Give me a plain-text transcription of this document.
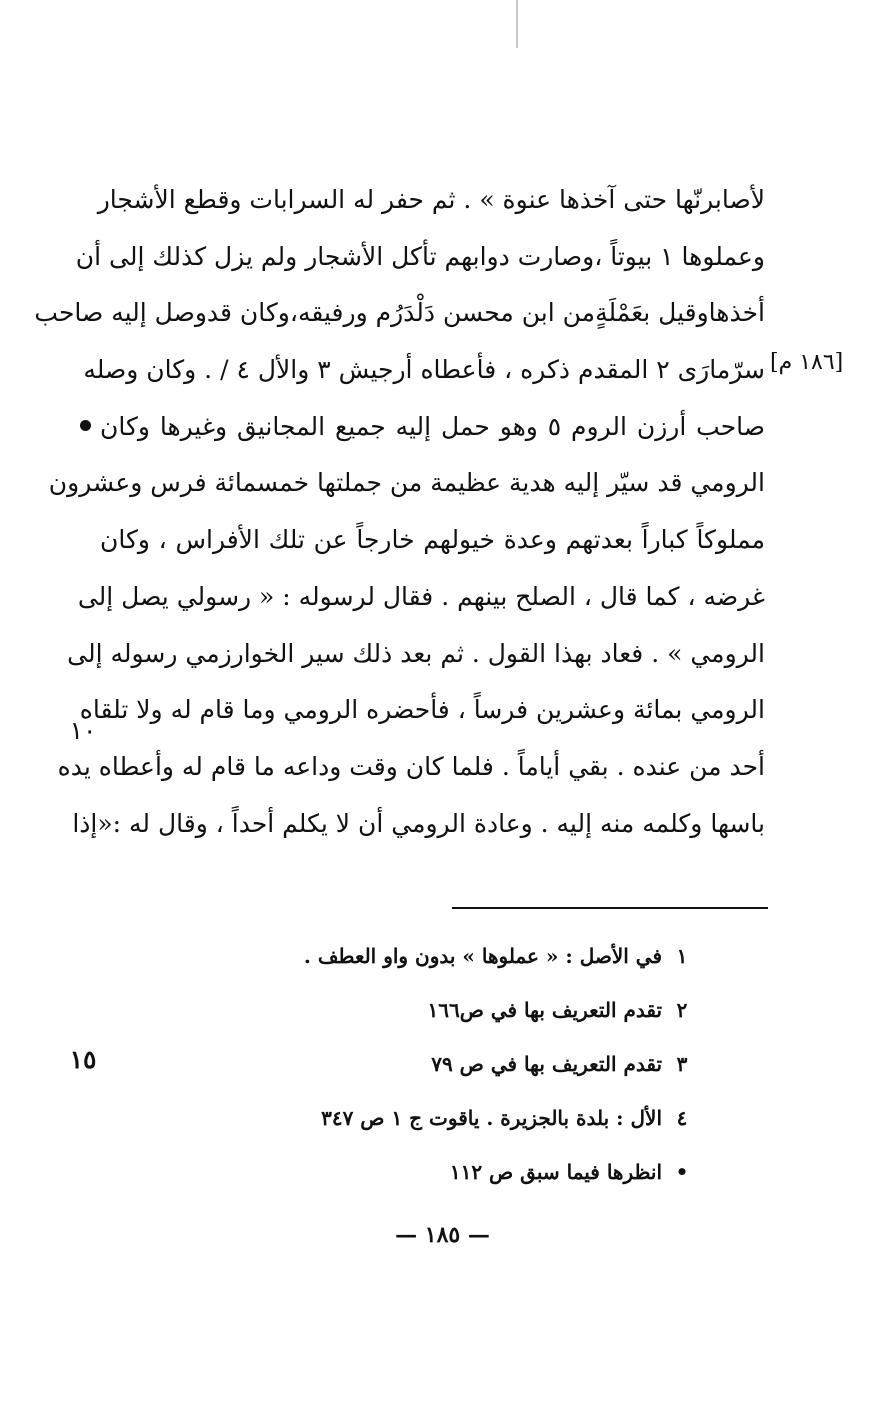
لأصابرنّها حتى آخذها عنوة » . ثم حفر له السرابات وقطع الأشجار
وعملوها ١ بيوتاً ،وصارت دوابهم تأكل الأشجار ولم يزل كذلك إلى أن
أخذهاوقيل بعَمْلَةٍمن ابن محسن دَلْدَرُم ورفيقه،وكان قدوصل إليه صاحب
سرّمارَى ٢ المقدم ذكره ، فأعطاه أرجيش ٣ والأل ٤ / . وكان وصله
صاحب أرزن الروم ٥ وهو حمل إليه جميع المجانيق وغيرها وكان
الرومي قد سيّر إليه هدية عظيمة من جملتها خمسمائة فرس وعشرون
مملوكاً كباراً بعدتهم وعدة خيولهم خارجاً عن تلك الأفراس ، وكان
غرضه ، كما قال ، الصلح بينهم . فقال لرسوله : « رسولي يصل إلى
الرومي » . فعاد بهذا القول . ثم بعد ذلك سير الخوارزمي رسوله إلى
الرومي بمائة وعشرين فرساً ، فأحضره الرومي وما قام له ولا تلقاه
أحد من عنده . بقي أياماً . فلما كان وقت وداعه ما قام له وأعطاه يده
باسها وكلمه منه إليه . وعادة الرومي أن لا يكلم أحداً ، وقال له :«إذا
[١٨٦ م]
١٠
١٥
١ في الأصل : « عملوها » بدون واو العطف .
٢ تقدم التعريف بها في ص١٦٦
٣ تقدم التعريف بها في ص ٧٩
٤ الأل : بلدة بالجزيرة . ياقوت ج ١ ص ٣٤٧
• انظرها فيما سبق ص ١١٢
— ١٨٥ —
